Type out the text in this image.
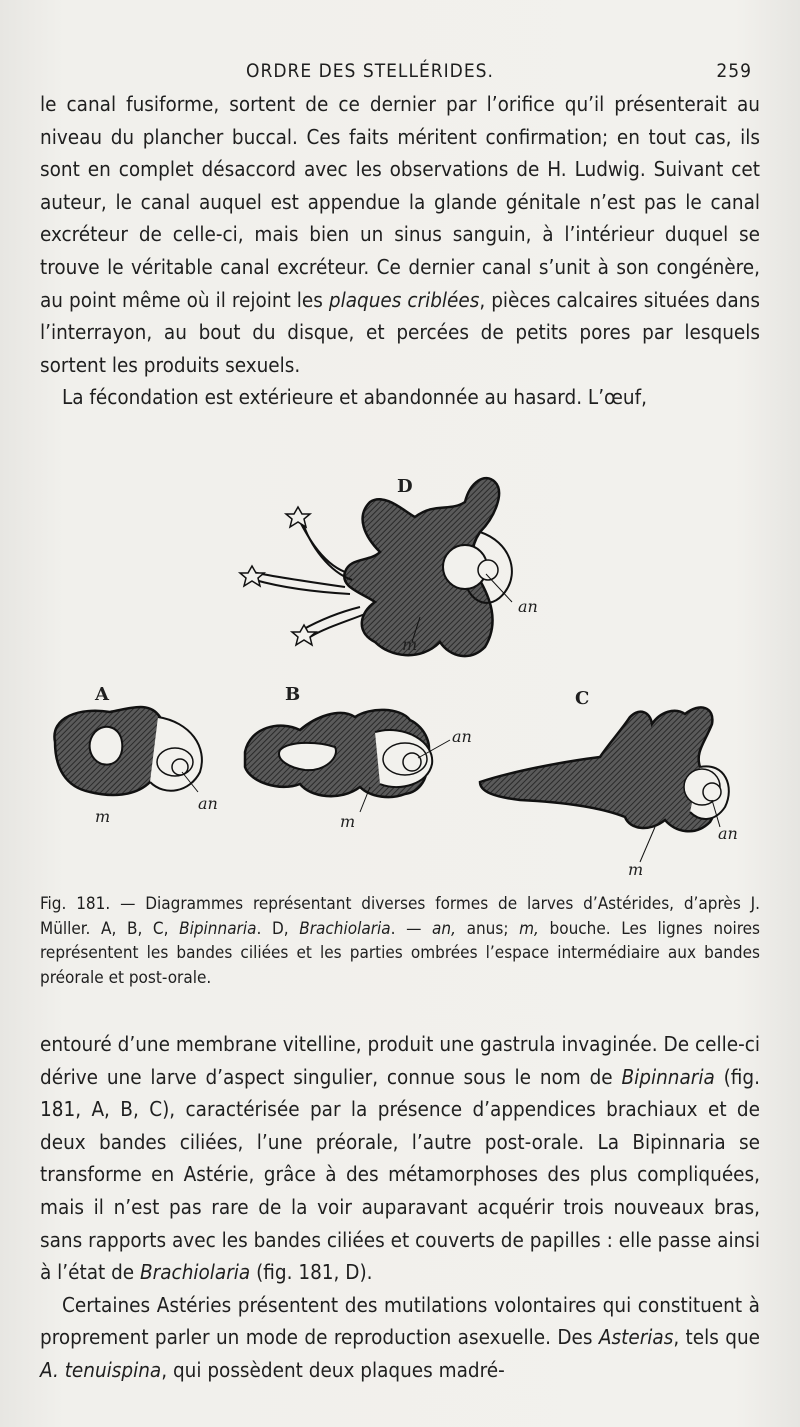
ORDRE DES STELLÉRIDES.	259

le canal fusiforme, sortent de ce dernier par l’orifice qu’il présenterait au niveau du plancher buccal. Ces faits méritent confirmation; en tout cas, ils sont en complet désaccord avec les observations de H. Ludwig. Suivant cet auteur, le canal auquel est appendue la glande génitale n’est pas le canal excréteur de celle-ci, mais bien un sinus sanguin, à l’intérieur duquel se trouve le véritable canal excréteur. Ce dernier canal s’unit à son congénère, au point même où il rejoint les plaques criblées, pièces calcaires situées dans l’interrayon, au bout du disque, et percées de petits pores par lesquels sortent les produits sexuels.

La fécondation est extérieure et abandonnée au hasard. L’œuf,

D
A	B	C
an
m
an
m
an
m
an
m
Fig. 181. — Diagrammes représentant diverses formes de larves d’Astérides, d’après J. Müller. A, B, C, Bipinnaria. D, Brachiolaria. — an, anus; m, bouche. Les lignes noires représentent les bandes ciliées et les parties ombrées l’espace intermédiaire aux bandes préorale et post-orale.

entouré d’une membrane vitelline, produit une gastrula invaginée. De celle-ci dérive une larve d’aspect singulier, connue sous le nom de Bipinnaria (fig. 181, A, B, C), caractérisée par la présence d’appendices brachiaux et de deux bandes ciliées, l’une préorale, l’autre post-orale. La Bipinnaria se transforme en Astérie, grâce à des métamorphoses des plus compliquées, mais il n’est pas rare de la voir auparavant acquérir trois nouveaux bras, sans rapports avec les bandes ciliées et couverts de papilles : elle passe ainsi à l’état de Brachiolaria (fig. 181, D).

Certaines Astéries présentent des mutilations volontaires qui constituent à proprement parler un mode de reproduction asexuelle. Des Asterias, tels que A. tenuispina, qui possèdent deux plaques madré-
